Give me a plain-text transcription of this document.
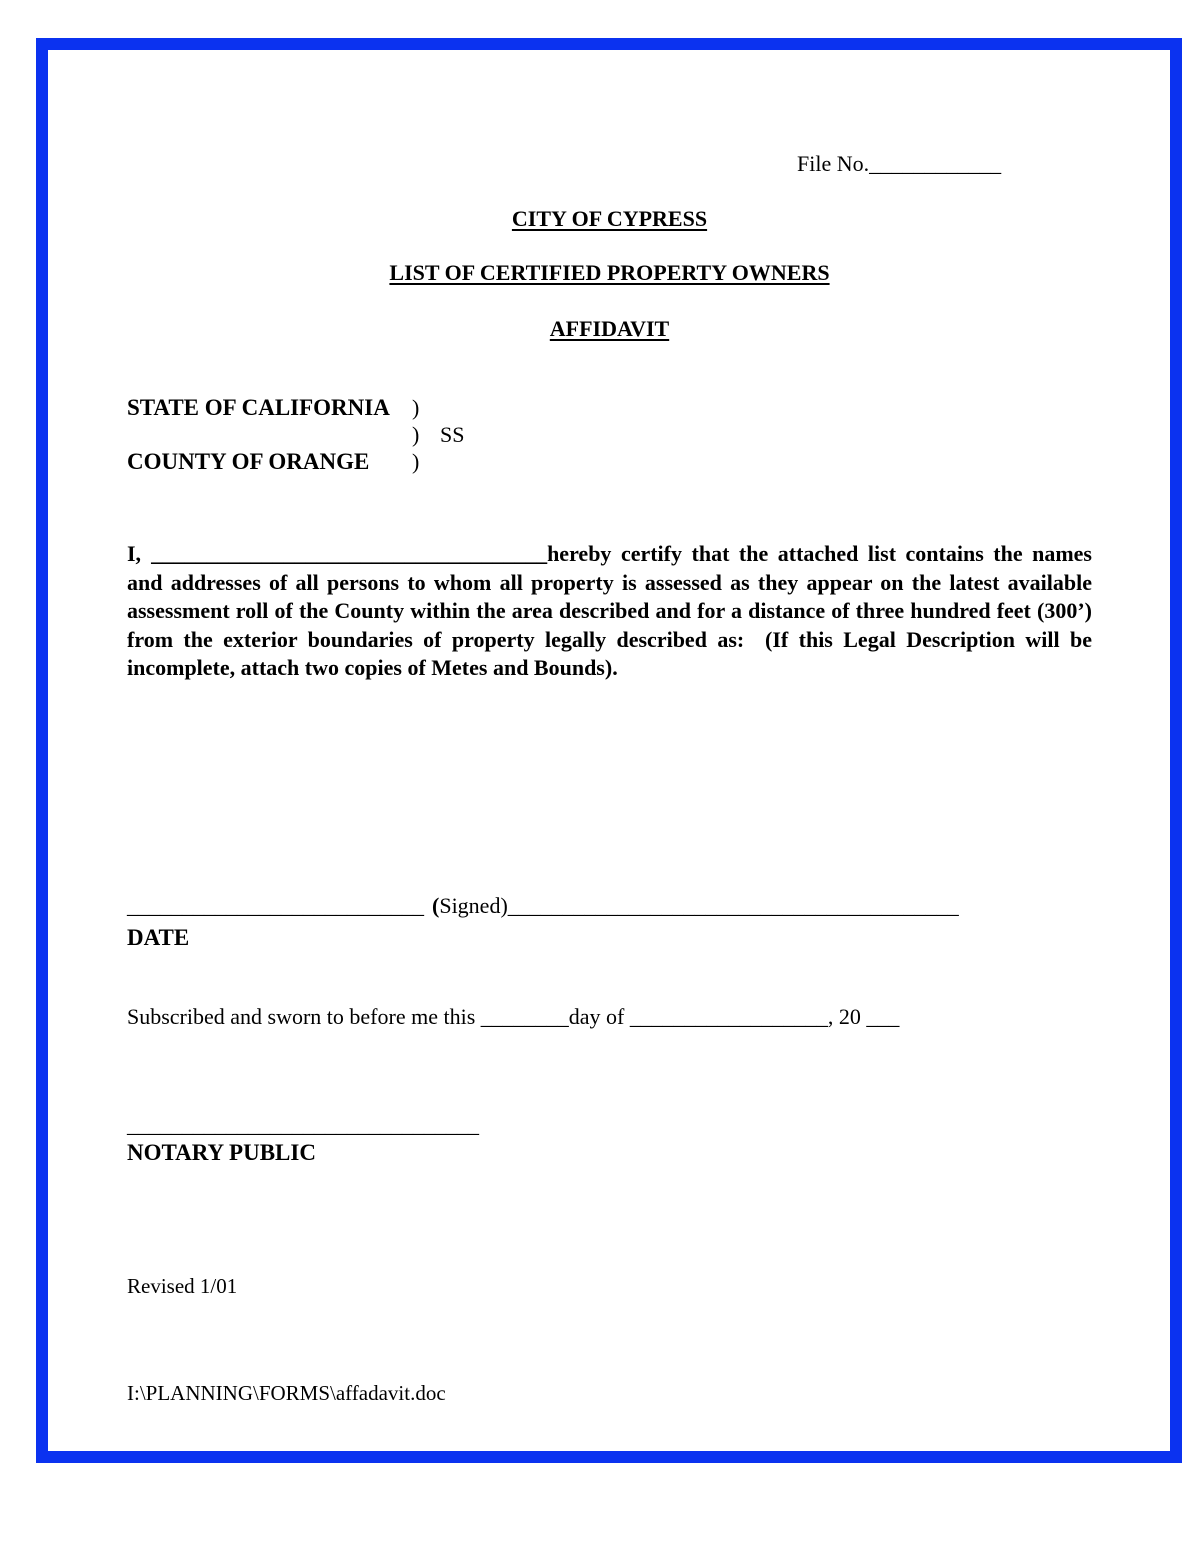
File No.____________
CITY OF CYPRESS
LIST OF CERTIFIED PROPERTY OWNERS
AFFIDAVIT
STATE OF CALIFORNIA )
) SS
COUNTY OF ORANGE )

I, ____________________________________hereby certify that the attached list contains the names and addresses of all persons to whom all property is assessed as they appear on the latest available assessment roll of the County within the area described and for a distance of three hundred feet (300’) from the exterior boundaries of property legally described as:  (If this Legal Description will be incomplete, attach two copies of Metes and Bounds).

___________________________ (Signed)_________________________________________
DATE
Subscribed and sworn to before me this ________day of __________________, 20 ___
________________________________
NOTARY PUBLIC
Revised 1/01
I:\PLANNING\FORMS\affadavit.doc
